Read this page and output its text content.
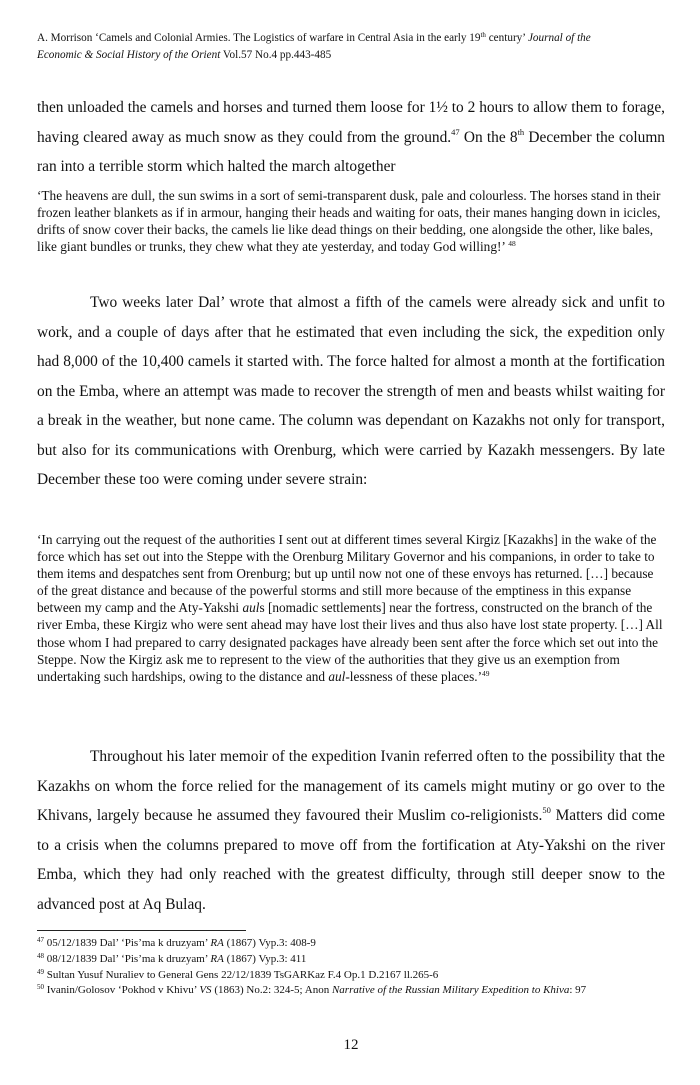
A. Morrison ‘Camels and Colonial Armies. The Logistics of warfare in Central Asia in the early 19th century’ Journal of the
Economic & Social History of the Orient Vol.57 No.4 pp.443-485
then unloaded the camels and horses and turned them loose for 1½ to 2 hours to allow them to forage, having cleared away as much snow as they could from the ground.$^{47}$ On the 8th December the column ran into a terrible storm which halted the march altogether
‘The heavens are dull, the sun swims in a sort of semi-transparent dusk, pale and colourless. The horses stand in their frozen leather blankets as if in armour, hanging their heads and waiting for oats, their manes hanging down in icicles, drifts of snow cover their backs, the camels lie like dead things on their bedding, one alongside the other, like bales, like giant bundles or trunks, they chew what they ate yesterday, and today God willing!’ $^{48}$
Two weeks later Dal’ wrote that almost a fifth of the camels were already sick and unfit to work, and a couple of days after that he estimated that even including the sick, the expedition only had 8,000 of the 10,400 camels it started with. The force halted for almost a month at the fortification on the Emba, where an attempt was made to recover the strength of men and beasts whilst waiting for a break in the weather, but none came. The column was dependant on Kazakhs not only for transport, but also for its communications with Orenburg, which were carried by Kazakh messengers. By late December these too were coming under severe strain:
‘In carrying out the request of the authorities I sent out at different times several Kirgiz [Kazakhs] in the wake of the force which has set out into the Steppe with the Orenburg Military Governor and his companions, in order to take to them items and despatches sent from Orenburg; but up until now not one of these envoys has returned. […] because of the great distance and because of the powerful storms and still more because of the emptiness in this expanse between my camp and the Aty-Yakshi auls [nomadic settlements] near the fortress, constructed on the branch of the river Emba, these Kirgiz who were sent ahead may have lost their lives and thus also have lost state property. […] All those whom I had prepared to carry designated packages have already been sent after the force which set out into the Steppe. Now the Kirgiz ask me to represent to the view of the authorities that they give us an exemption from undertaking such hardships, owing to the distance and aul-lessness of these places.’$^{49}$
Throughout his later memoir of the expedition Ivanin referred often to the possibility that the Kazakhs on whom the force relied for the management of its camels might mutiny or go over to the Khivans, largely because he assumed they favoured their Muslim co-religionists.$^{50}$ Matters did come to a crisis when the columns prepared to move off from the fortification at Aty-Yakshi on the river Emba, which they had only reached with the greatest difficulty, through still deeper snow to the advanced post at Aq Bulaq.
$^{47}$ 05/12/1839 Dal’ ‘Pis’ma k druzyam’ RA (1867) Vyp.3: 408-9
$^{48}$ 08/12/1839 Dal’ ‘Pis’ma k druzyam’ RA (1867) Vyp.3: 411
$^{49}$ Sultan Yusuf Nuraliev to General Gens 22/12/1839 TsGARKaz F.4 Op.1 D.2167 ll.265-6
$^{50}$ Ivanin/Golosov ‘Pokhod v Khivu’ VS (1863) No.2: 324-5; Anon Narrative of the Russian Military Expedition to Khiva: 97
12
